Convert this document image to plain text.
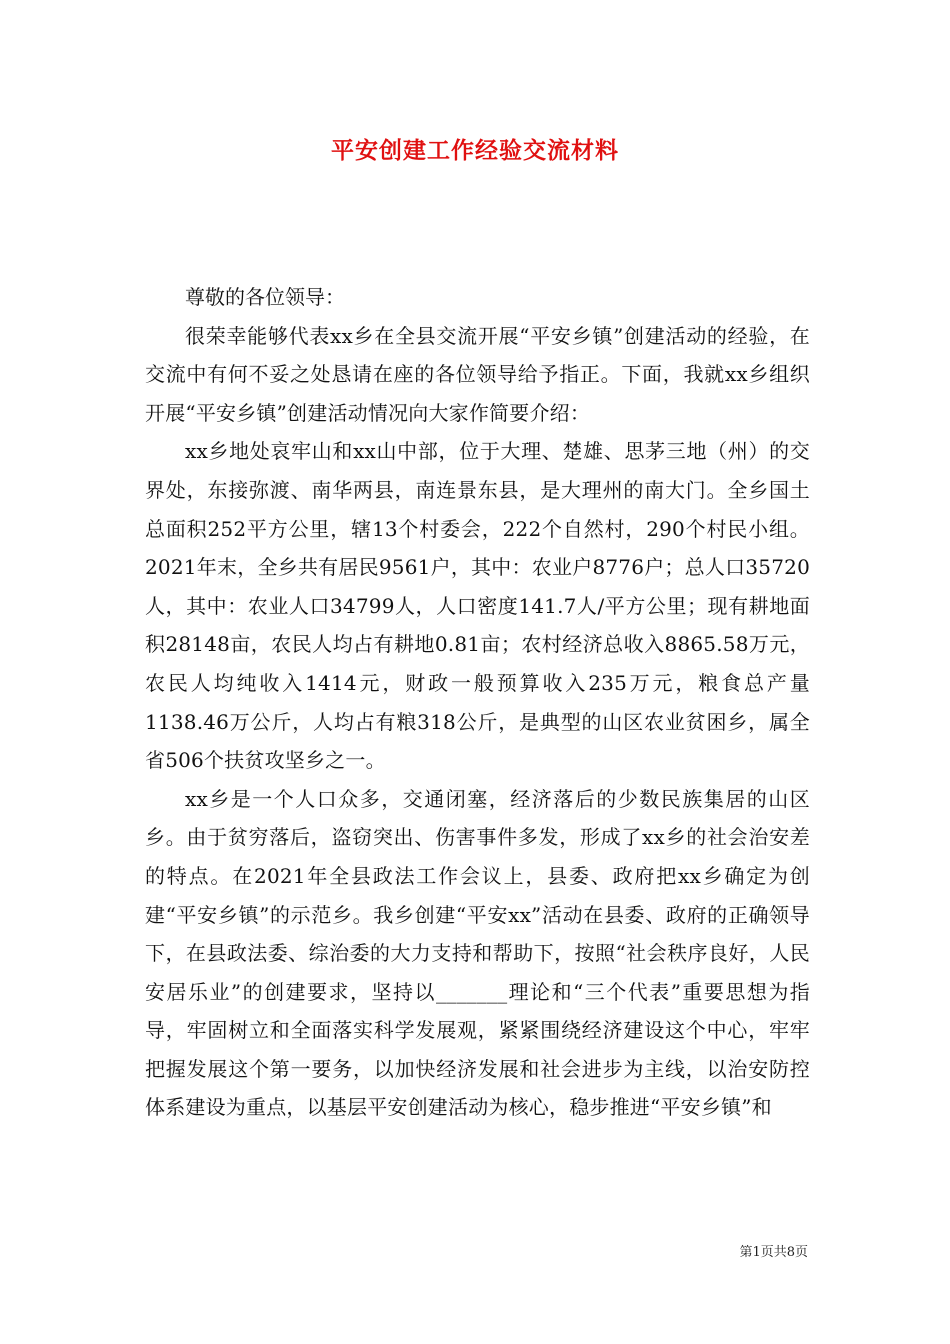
平安创建工作经验交流材料

尊敬的各位领导：

很荣幸能够代表xx乡在全县交流开展“平安乡镇”创建活动的经验，在交流中有何不妥之处恳请在座的各位领导给予指正。下面，我就xx乡组织开展“平安乡镇”创建活动情况向大家作简要介绍：

xx乡地处哀牢山和xx山中部，位于大理、楚雄、思茅三地（州）的交界处，东接弥渡、南华两县，南连景东县，是大理州的南大门。全乡国土总面积252平方公里，辖13个村委会，222个自然村，290个村民小组。2021年末，全乡共有居民9561户，其中：农业户8776户；总人口35720人，其中：农业人口34799人，人口密度141.7人/平方公里；现有耕地面积28148亩，农民人均占有耕地0.81亩；农村经济总收入8865.58万元，农民人均纯收入1414元，财政一般预算收入235万元，粮食总产量1138.46万公斤，人均占有粮318公斤，是典型的山区农业贫困乡，属全省506个扶贫攻坚乡之一。

xx乡是一个人口众多，交通闭塞，经济落后的少数民族集居的山区乡。由于贫穷落后，盗窃突出、伤害事件多发，形成了xx乡的社会治安差的特点。在2021年全县政法工作会议上，县委、政府把xx乡确定为创建“平安乡镇”的示范乡。我乡创建“平安xx”活动在县委、政府的正确领导下，在县政法委、综治委的大力支持和帮助下，按照“社会秩序良好，人民安居乐业”的创建要求，坚持以_______理论和“三个代表”重要思想为指导，牢固树立和全面落实科学发展观，紧紧围绕经济建设这个中心，牢牢把握发展这个第一要务，以加快经济发展和社会进步为主线，以治安防控体系建设为重点，以基层平安创建活动为核心，稳步推进“平安乡镇”和

第1页共8页
